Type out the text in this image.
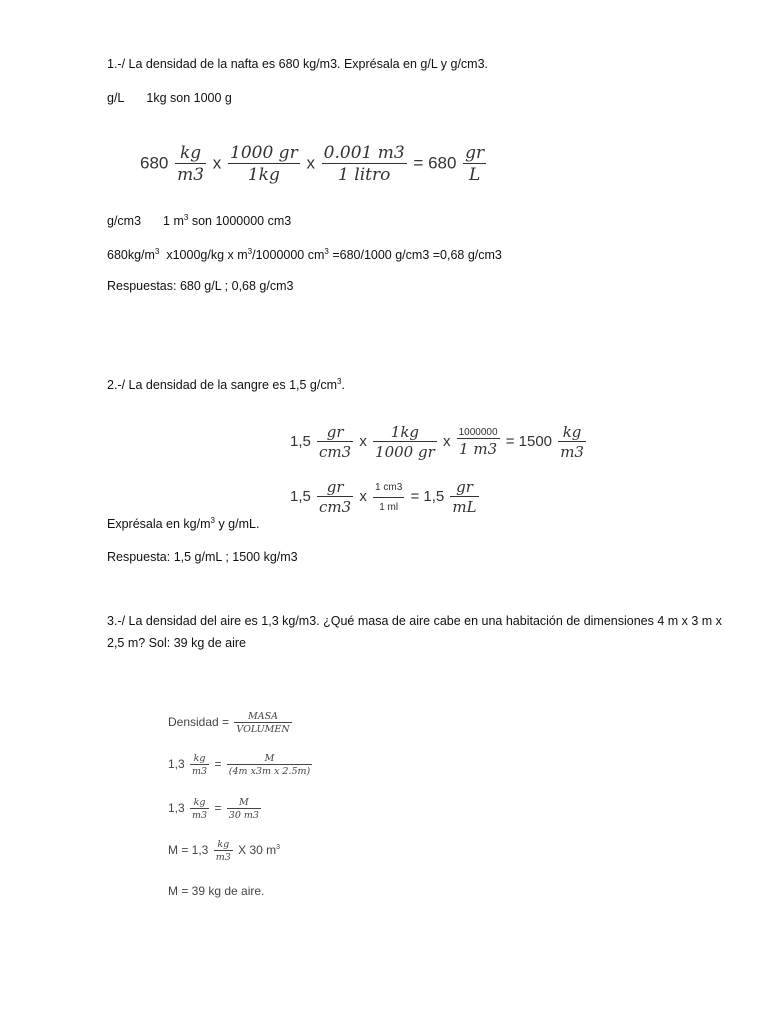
1.-/ La densidad de la nafta es 680 kg/m3. Exprésala en g/L y g/cm3.
g/L 1kg son 1000 g
$680 \frac{kg}{m3}$ x $\frac{1000 gr}{1kg}$ x $\frac{0.001 m3}{\text{1 litro}} = 680 \frac{gr}{L}$
g/cm3 1 $m^3$ son 1000000 cm3
$680kg/m^3$  x1000g/kg x $m^3/1000000$ $cm^3 =680/1000$ g/cm3 =0,68 g/cm3
Respuestas: 680 g/L ; 0,68 g/cm3
2.-/ La densidad de la sangre es 1,5 $g/cm^3$.
$1,5 \frac{gr}{cm3}$ x $\frac{1kg}{1000 gr}$ x $\frac{1000000}{1 m3} = 1500 \frac{kg}{m3}$
$1,5 \frac{gr}{cm3}$ x $\frac{1 cm3}{1 ml} = 1,5 \frac{gr}{mL}$
Exprésala en $kg/m^3$ y g/mL.
Respuesta: 1,5 g/mL ; 1500 kg/m3
3.-/ La densidad del aire es 1,3 kg/m3. ¿Qué masa de aire cabe en una habitación de dimensiones 4 m x 3 m x
2,5 m? Sol: 39 kg de aire
Densidad = $\frac{\text{MASA}}{\text{VOLUMEN}}$
$1,3 \frac{kg}{m3} = \frac{M}{\text{(4m x3m x 2.5m)}}$
$1,3 \frac{kg}{m3} = \frac{M}{30 m3}$
$M = 1,3 \frac{kg}{m3}$ X 30 $m^3$
M = 39 kg de aire.
